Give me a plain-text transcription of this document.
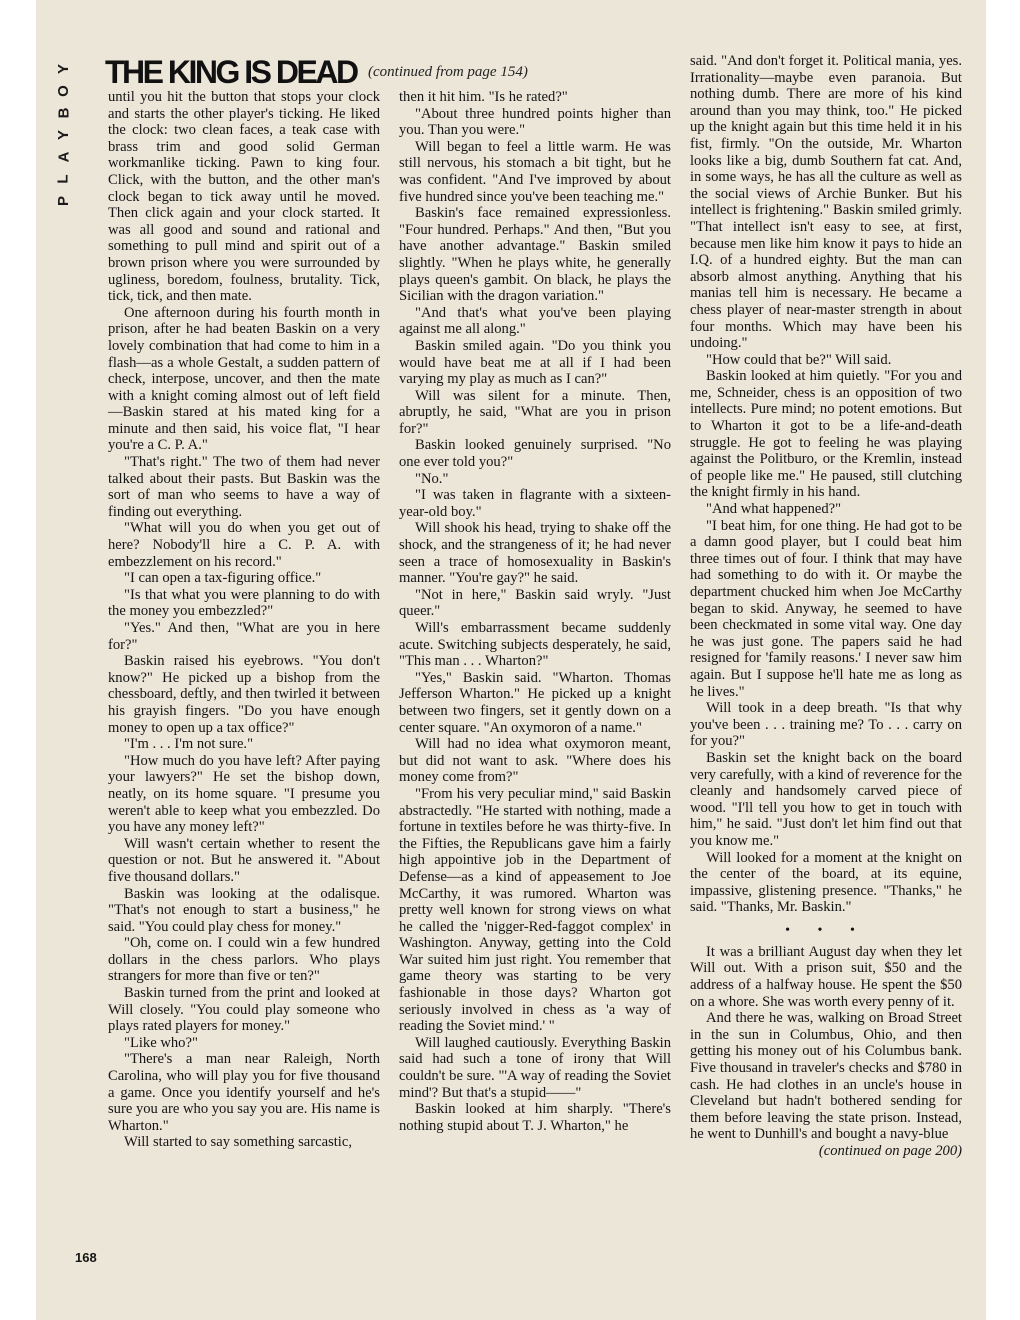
Y
O
B
Y
A
L
P
THE KING IS DEAD (continued from page 154)

until you hit the button that stops your clock and starts the other player's ticking. He liked the clock: two clean faces, a teak case with brass trim and good solid German workmanlike ticking. Pawn to king four. Click, with the button, and the other man's clock began to tick away until he moved. Then click again and your clock started. It was all good and sound and rational and something to pull mind and spirit out of a brown prison where you were surrounded by ugliness, boredom, foulness, brutality. Tick, tick, tick, and then mate.

One afternoon during his fourth month in prison, after he had beaten Baskin on a very lovely combination that had come to him in a flash—as a whole Gestalt, a sudden pattern of check, interpose, uncover, and then the mate with a knight coming almost out of left field—Baskin stared at his mated king for a minute and then said, his voice flat, "I hear you're a C. P. A."

"That's right." The two of them had never talked about their pasts. But Baskin was the sort of man who seems to have a way of finding out everything.

"What will you do when you get out of here? Nobody'll hire a C. P. A. with embezzlement on his record."

"I can open a tax-figuring office."

"Is that what you were planning to do with the money you embezzled?"

"Yes." And then, "What are you in here for?"

Baskin raised his eyebrows. "You don't know?" He picked up a bishop from the chessboard, deftly, and then twirled it between his grayish fingers. "Do you have enough money to open up a tax office?"

"I'm . . . I'm not sure."

"How much do you have left? After paying your lawyers?" He set the bishop down, neatly, on its home square. "I presume you weren't able to keep what you embezzled. Do you have any money left?"

Will wasn't certain whether to resent the question or not. But he answered it. "About five thousand dollars."

Baskin was looking at the odalisque. "That's not enough to start a business," he said. "You could play chess for money."

"Oh, come on. I could win a few hundred dollars in the chess parlors. Who plays strangers for more than five or ten?"

Baskin turned from the print and looked at Will closely. "You could play someone who plays rated players for money."

"Like who?"

"There's a man near Raleigh, North Carolina, who will play you for five thousand a game. Once you identify yourself and he's sure you are who you say you are. His name is Wharton."

Will started to say something sarcastic,

then it hit him. "Is he rated?"

"About three hundred points higher than you. Than you were."

Will began to feel a little warm. He was still nervous, his stomach a bit tight, but he was confident. "And I've improved by about five hundred since you've been teaching me."

Baskin's face remained expressionless. "Four hundred. Perhaps." And then, "But you have another advantage." Baskin smiled slightly. "When he plays white, he generally plays queen's gambit. On black, he plays the Sicilian with the dragon variation."

"And that's what you've been playing against me all along."

Baskin smiled again. "Do you think you would have beat me at all if I had been varying my play as much as I can?"

Will was silent for a minute. Then, abruptly, he said, "What are you in prison for?"

Baskin looked genuinely surprised. "No one ever told you?"

"No."

"I was taken in flagrante with a sixteen-year-old boy."

Will shook his head, trying to shake off the shock, and the strangeness of it; he had never seen a trace of homosexuality in Baskin's manner. "You're gay?" he said.

"Not in here," Baskin said wryly. "Just queer."

Will's embarrassment became suddenly acute. Switching subjects desperately, he said, "This man . . . Wharton?"

"Yes," Baskin said. "Wharton. Thomas Jefferson Wharton." He picked up a knight between two fingers, set it gently down on a center square. "An oxymoron of a name."

Will had no idea what oxymoron meant, but did not want to ask. "Where does his money come from?"

"From his very peculiar mind," said Baskin abstractedly. "He started with nothing, made a fortune in textiles before he was thirty-five. In the Fifties, the Republicans gave him a fairly high appointive job in the Department of Defense—as a kind of appeasement to Joe McCarthy, it was rumored. Wharton was pretty well known for strong views on what he called the 'nigger-Red-faggot complex' in Washington. Anyway, getting into the Cold War suited him just right. You remember that game theory was starting to be very fashionable in those days? Wharton got seriously involved in chess as 'a way of reading the Soviet mind.' "

Will laughed cautiously. Everything Baskin said had such a tone of irony that Will couldn't be sure. "'A way of reading the Soviet mind'? But that's a stupid——"

Baskin looked at him sharply. "There's nothing stupid about T. J. Wharton," he

said. "And don't forget it. Political mania, yes. Irrationality—maybe even paranoia. But nothing dumb. There are more of his kind around than you may think, too." He picked up the knight again but this time held it in his fist, firmly. "On the outside, Mr. Wharton looks like a big, dumb Southern fat cat. And, in some ways, he has all the culture as well as the social views of Archie Bunker. But his intellect is frightening." Baskin smiled grimly. "That intellect isn't easy to see, at first, because men like him know it pays to hide an I.Q. of a hundred eighty. But the man can absorb almost anything. Anything that his manias tell him is necessary. He became a chess player of near-master strength in about four months. Which may have been his undoing."

"How could that be?" Will said.

Baskin looked at him quietly. "For you and me, Schneider, chess is an opposition of two intellects. Pure mind; no potent emotions. But to Wharton it got to be a life-and-death struggle. He got to feeling he was playing against the Politburo, or the Kremlin, instead of people like me." He paused, still clutching the knight firmly in his hand.

"And what happened?"

"I beat him, for one thing. He had got to be a damn good player, but I could beat him three times out of four. I think that may have had something to do with it. Or maybe the department chucked him when Joe McCarthy began to skid. Anyway, he seemed to have been checkmated in some vital way. One day he was just gone. The papers said he had resigned for 'family reasons.' I never saw him again. But I suppose he'll hate me as long as he lives."

Will took in a deep breath. "Is that why you've been . . . training me? To . . . carry on for you?"

Baskin set the knight back on the board very carefully, with a kind of reverence for the cleanly and handsomely carved piece of wood. "I'll tell you how to get in touch with him," he said. "Just don't let him find out that you know me."

Will looked for a moment at the knight on the center of the board, at its equine, impassive, glistening presence. "Thanks," he said. "Thanks, Mr. Baskin."

• • •

It was a brilliant August day when they let Will out. With a prison suit, $50 and the address of a halfway house. He spent the $50 on a whore. She was worth every penny of it.

And there he was, walking on Broad Street in the sun in Columbus, Ohio, and then getting his money out of his Columbus bank. Five thousand in traveler's checks and $780 in cash. He had clothes in an uncle's house in Cleveland but hadn't bothered sending for them before leaving the state prison. Instead, he went to Dunhill's and bought a navy-blue

(continued on page 200)

168
